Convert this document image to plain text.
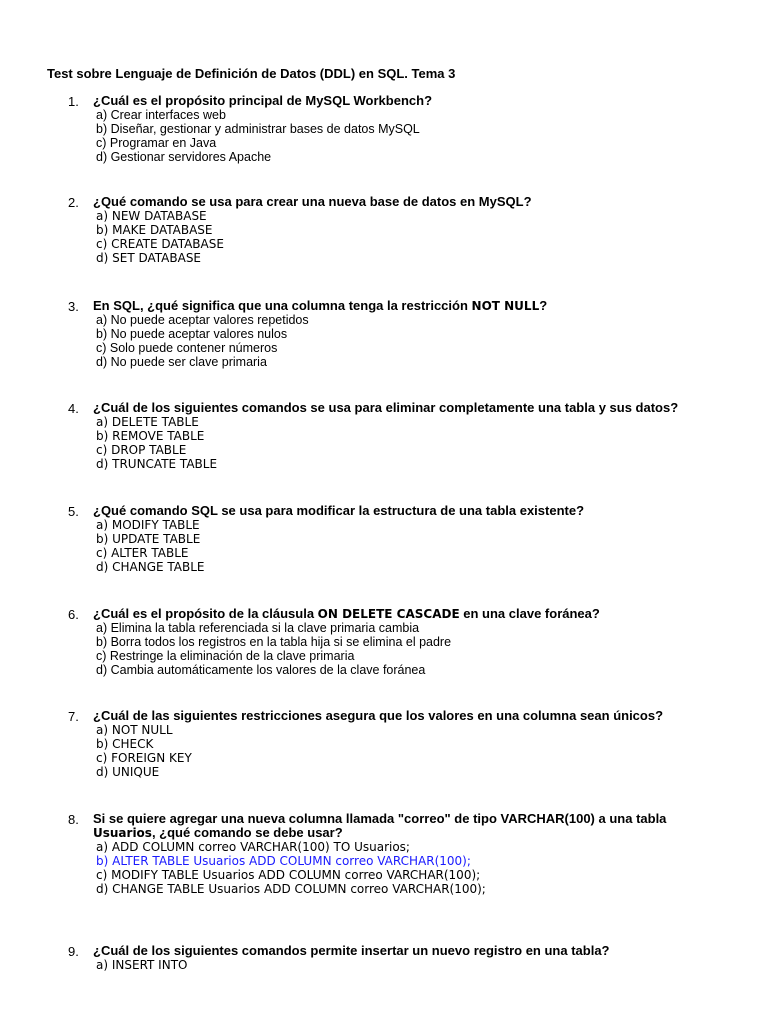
Test sobre Lenguaje de Definición de Datos (DDL) en SQL. Tema 3
1. ¿Cuál es el propósito principal de MySQL Workbench?
a) Crear interfaces web
b) Diseñar, gestionar y administrar bases de datos MySQL
c) Programar en Java
d) Gestionar servidores Apache
2. ¿Qué comando se usa para crear una nueva base de datos en MySQL?
a) NEW DATABASE
b) MAKE DATABASE
c) CREATE DATABASE
d) SET DATABASE
3. En SQL, ¿qué significa que una columna tenga la restricción NOT NULL?
a) No puede aceptar valores repetidos
b) No puede aceptar valores nulos
c) Solo puede contener números
d) No puede ser clave primaria
4. ¿Cuál de los siguientes comandos se usa para eliminar completamente una tabla y sus datos?
a) DELETE TABLE
b) REMOVE TABLE
c) DROP TABLE
d) TRUNCATE TABLE
5. ¿Qué comando SQL se usa para modificar la estructura de una tabla existente?
a) MODIFY TABLE
b) UPDATE TABLE
c) ALTER TABLE
d) CHANGE TABLE
6. ¿Cuál es el propósito de la cláusula ON DELETE CASCADE en una clave foránea?
a) Elimina la tabla referenciada si la clave primaria cambia
b) Borra todos los registros en la tabla hija si se elimina el padre
c) Restringe la eliminación de la clave primaria
d) Cambia automáticamente los valores de la clave foránea
7. ¿Cuál de las siguientes restricciones asegura que los valores en una columna sean únicos?
a) NOT NULL
b) CHECK
c) FOREIGN KEY
d) UNIQUE
8. Si se quiere agregar una nueva columna llamada "correo" de tipo VARCHAR(100) a una tabla
Usuarios, ¿qué comando se debe usar?
a) ADD COLUMN correo VARCHAR(100) TO Usuarios;
b) ALTER TABLE Usuarios ADD COLUMN correo VARCHAR(100);
c) MODIFY TABLE Usuarios ADD COLUMN correo VARCHAR(100);
d) CHANGE TABLE Usuarios ADD COLUMN correo VARCHAR(100);
9. ¿Cuál de los siguientes comandos permite insertar un nuevo registro en una tabla?
a) INSERT INTO
